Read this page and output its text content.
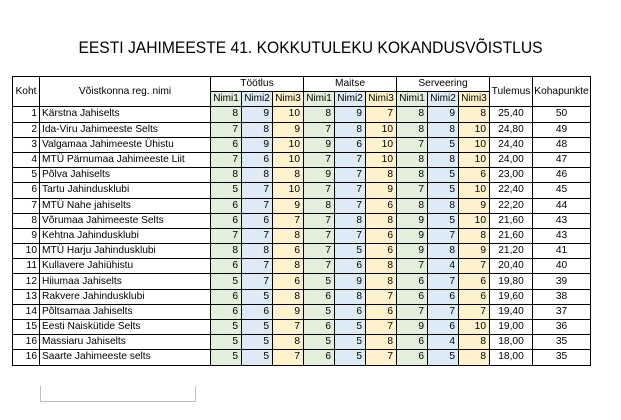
EESTI JAHIMEESTE 41. KOKKUTULEKU KOKANDUSVÕISTLUS
Koht	Võistkonna reg. nimi	Töötlus			Maitse			Serveering			Tulemus	Kohapunkte
		Nimi1	Nimi2	Nimi3	Nimi1	Nimi2	Nimi3	Nimi1	Nimi2	Nimi3		
1	Kärstna Jahiselts	8	9	10	8	9	7	8	9	8	25,40	50
2	Ida-Viru Jahimeeste Selts	7	8	9	7	8	10	8	8	10	24,80	49
3	Valgamaa Jahimeeste Ühistu	6	9	10	9	6	10	7	5	10	24,40	48
4	MTÜ Pärnumaa Jahimeeste Liit	7	6	10	7	7	10	8	8	10	24,00	47
5	Põlva Jahiselts	8	8	8	9	7	8	8	5	6	23,00	46
6	Tartu Jahindusklubi	5	7	10	7	7	9	7	5	10	22,40	45
7	MTÜ Nahe jahiselts	6	7	9	8	7	6	8	8	9	22,20	44
8	Võrumaa Jahimeeste Selts	6	6	7	7	8	8	9	5	10	21,60	43
9	Kehtna Jahindusklubi	7	7	8	7	7	6	9	7	8	21,60	43
10	MTÜ Harju Jahindusklubi	8	8	6	7	5	6	9	8	9	21,20	41
11	Kullavere Jahiühistu	6	7	8	7	6	8	7	4	7	20,40	40
12	Hiiumaa Jahiselts	5	7	6	5	9	8	6	7	6	19,80	39
13	Rakvere Jahindusklubi	6	5	8	6	8	7	6	6	6	19,60	38
14	Põltsamaa Jahiselts	6	6	9	5	6	6	7	7	7	19,40	37
15	Eesti Naiskütide Selts	5	5	7	6	5	7	9	6	10	19,00	36
16	Massiaru Jahiselts	5	5	8	5	5	8	6	4	8	18,00	35
16	Saarte Jahimeeste selts	5	5	7	6	5	7	6	5	8	18,00	35
